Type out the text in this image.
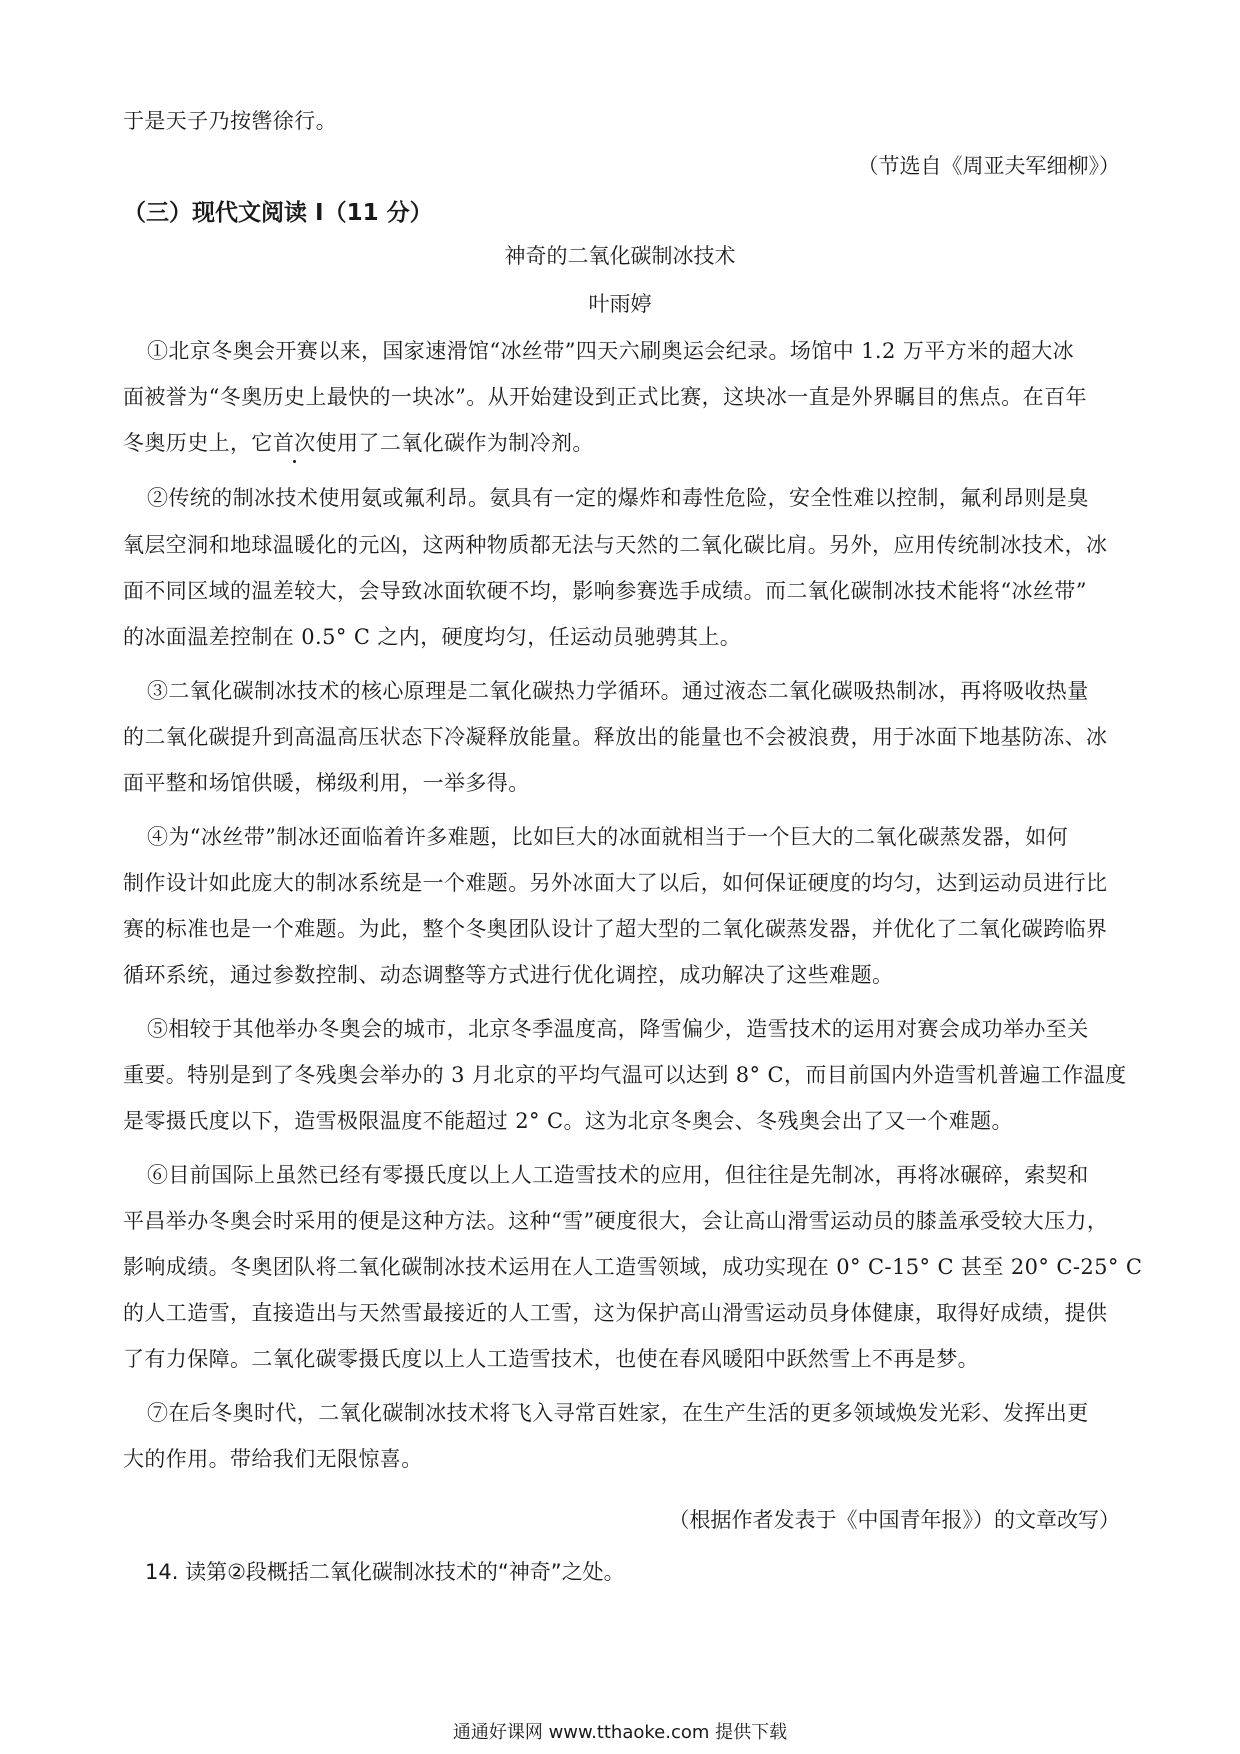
于是天子乃按辔徐行。
（节选自《周亚夫军细柳》）
（三）现代文阅读 I（11 分）
神奇的二氧化碳制冰技术
叶雨婷
①北京冬奥会开赛以来，国家速滑馆“冰丝带”四天六刷奥运会纪录。场馆中 1.2 万平方米的超大冰
面被誉为“冬奥历史上最快的一块冰”。从开始建设到正式比赛，这块冰一直是外界瞩目的焦点。在百年
冬奥历史上，它首次使用了二氧化碳作为制冷剂。
②传统的制冰技术使用氨或氟利昂。氨具有一定的爆炸和毒性危险，安全性难以控制，氟利昂则是臭
氧层空洞和地球温暖化的元凶，这两种物质都无法与天然的二氧化碳比肩。另外，应用传统制冰技术，冰
面不同区域的温差较大，会导致冰面软硬不均，影响参赛选手成绩。而二氧化碳制冰技术能将“冰丝带”
的冰面温差控制在 0.5° C 之内，硬度均匀，任运动员驰骋其上。
③二氧化碳制冰技术的核心原理是二氧化碳热力学循环。通过液态二氧化碳吸热制冰，再将吸收热量
的二氧化碳提升到高温高压状态下冷凝释放能量。释放出的能量也不会被浪费，用于冰面下地基防冻、冰
面平整和场馆供暖，梯级利用，一举多得。
④为“冰丝带”制冰还面临着许多难题，比如巨大的冰面就相当于一个巨大的二氧化碳蒸发器，如何
制作设计如此庞大的制冰系统是一个难题。另外冰面大了以后，如何保证硬度的均匀，达到运动员进行比
赛的标准也是一个难题。为此，整个冬奥团队设计了超大型的二氧化碳蒸发器，并优化了二氧化碳跨临界
循环系统，通过参数控制、动态调整等方式进行优化调控，成功解决了这些难题。
⑤相较于其他举办冬奥会的城市，北京冬季温度高，降雪偏少，造雪技术的运用对赛会成功举办至关
重要。特别是到了冬残奥会举办的 3 月北京的平均气温可以达到 8° C，而目前国内外造雪机普遍工作温度
是零摄氏度以下，造雪极限温度不能超过 2° C。这为北京冬奥会、冬残奥会出了又一个难题。
⑥目前国际上虽然已经有零摄氏度以上人工造雪技术的应用，但往往是先制冰，再将冰碾碎，索契和
平昌举办冬奥会时采用的便是这种方法。这种“雪”硬度很大，会让高山滑雪运动员的膝盖承受较大压力，
影响成绩。冬奥团队将二氧化碳制冰技术运用在人工造雪领域，成功实现在 0° C-15° C 甚至 20° C-25° C
的人工造雪，直接造出与天然雪最接近的人工雪，这为保护高山滑雪运动员身体健康，取得好成绩，提供
了有力保障。二氧化碳零摄氏度以上人工造雪技术，也使在春风暖阳中跃然雪上不再是梦。
⑦在后冬奥时代，二氧化碳制冰技术将飞入寻常百姓家，在生产生活的更多领域焕发光彩、发挥出更
大的作用。带给我们无限惊喜。
（根据作者发表于《中国青年报》）的文章改写）
14. 读第②段概括二氧化碳制冰技术的“神奇”之处。
通通好课网 www.tthaoke.com 提供下载
